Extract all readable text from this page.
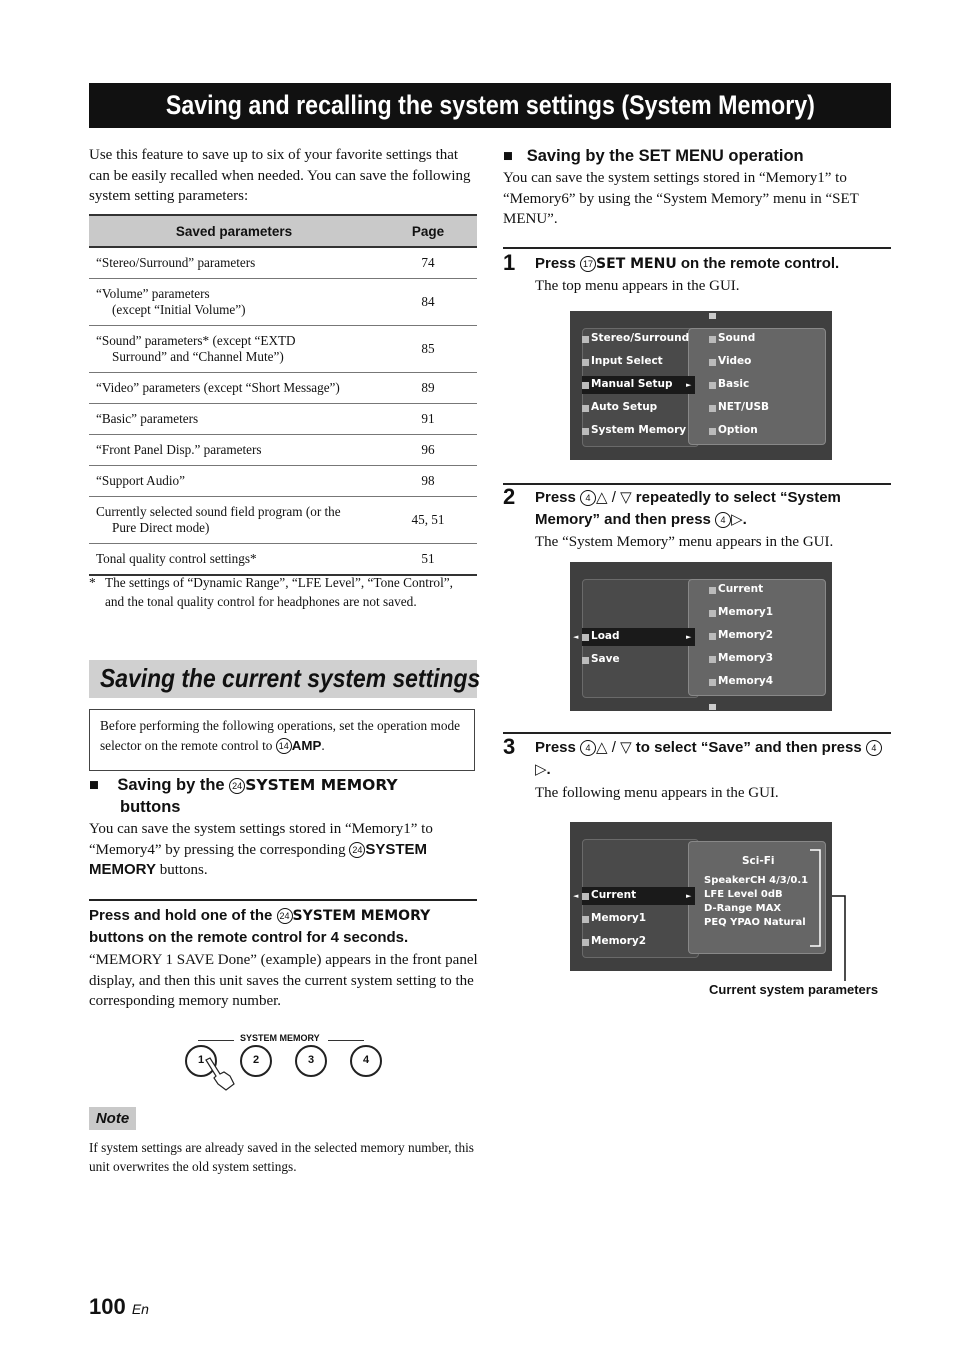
Saving and recalling the system settings (System Memory)
Use this feature to save up to six of your favorite settings that can be easily recalled when needed. You can save the following system setting parameters:
Saved parameters	Page
“Stereo/Surround” parameters	74
“Volume” parameters
(except “Initial Volume”)	84
“Sound” parameters* (except “EXTD
Surround” and “Channel Mute”)	85
“Video” parameters (except “Short Message”)	89
“Basic” parameters	91
“Front Panel Disp.” parameters	96
“Support Audio”	98
Currently selected sound field program (or the
Pure Direct mode)	45, 51
Tonal quality control settings*	51
* The settings of “Dynamic Range”, “LFE Level”, “Tone Control”, and the tonal quality control for headphones are not saved.
Saving the current system settings
Before performing the following operations, set the operation mode selector on the remote control to 14 AMP.
■ Saving by the 24 SYSTEM MEMORY
buttons
You can save the system settings stored in “Memory1” to “Memory4” by pressing the corresponding 24 SYSTEM MEMORY buttons.
Press and hold one of the 24 SYSTEM MEMORY buttons on the remote control for 4 seconds.
“MEMORY 1 SAVE Done” (example) appears in the front panel display, and then this unit saves the current system setting to the corresponding memory number.
SYSTEM MEMORY
1	2	3	4
Note
If system settings are already saved in the selected memory number, this unit overwrites the old system settings.
■ Saving by the SET MENU operation
You can save the system settings stored in “Memory1” to “Memory6” by using the “System Memory” menu in “SET MENU”.
1 Press 17 SET MENU on the remote control.
The top menu appears in the GUI.
Stereo/Surround
Input Select
Manual Setup
Auto Setup
System Memory
Sound
Video
Basic
NET/USB
Option
►
2 Press 4 △ / ▽ repeatedly to select “System Memory” and then press 4 ▷.
The “System Memory” menu appears in the GUI.
Load
Save
Current
Memory1
Memory2
Memory3
Memory4
►
◄
3 Press 4 △ / ▽ to select “Save” and then press 4▷.
The following menu appears in the GUI.
Current
Memory1
Memory2
Sci-Fi
SpeakerCH 4/3/0.1
LFE Level 0dB
D-Range MAX
PEQ YPAO Natural
►
◄
Current system parameters
100 En
